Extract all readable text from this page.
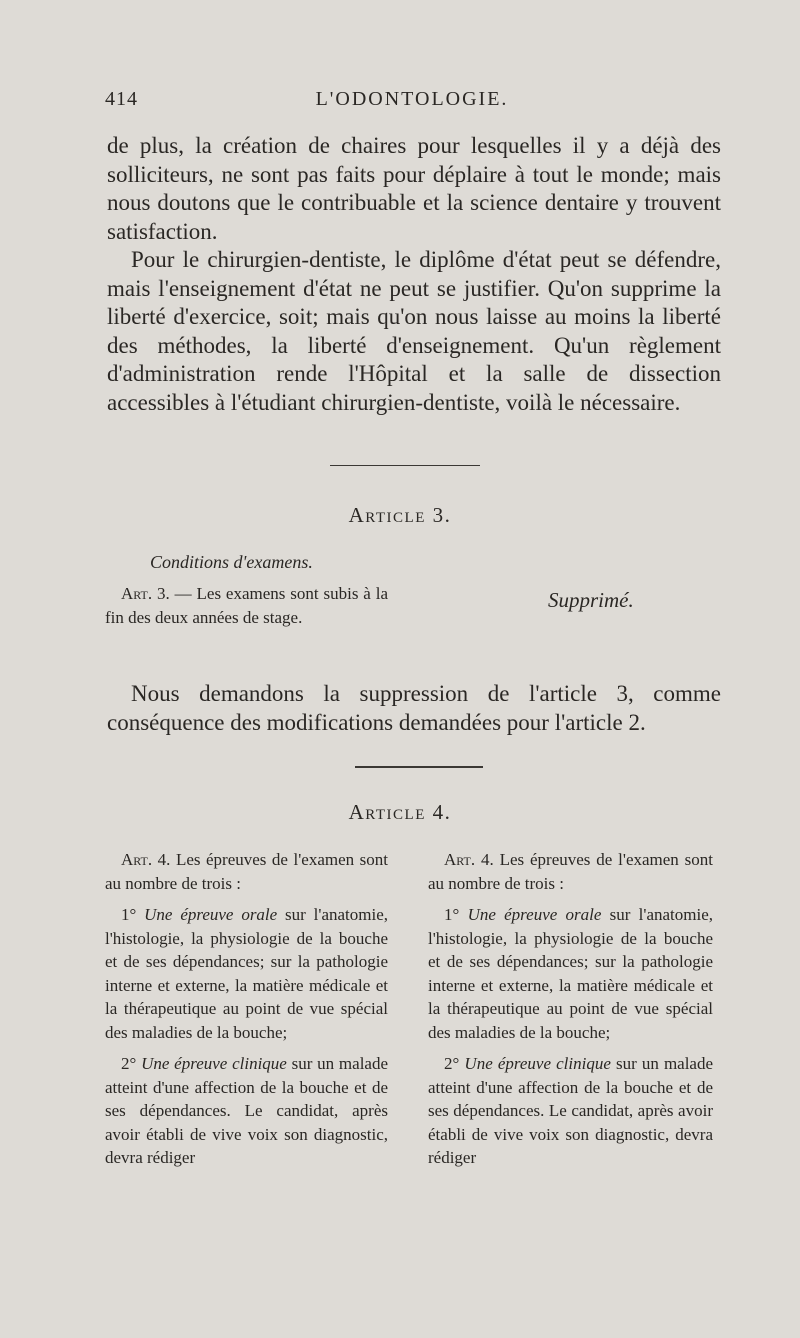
414	L'ODONTOLOGIE.

de plus, la création de chaires pour lesquelles il y a déjà des solliciteurs, ne sont pas faits pour déplaire à tout le monde; mais nous doutons que le contribuable et la science dentaire y trouvent satisfaction.

Pour le chirurgien-dentiste, le diplôme d'état peut se défendre, mais l'enseignement d'état ne peut se justifier. Qu'on supprime la liberté d'exercice, soit; mais qu'on nous laisse au moins la liberté des méthodes, la liberté d'enseignement. Qu'un règlement d'administration rende l'Hôpital et la salle de dissection accessibles à l'étudiant chirurgien-dentiste, voilà le nécessaire.

Article 3.
Conditions d'examens.

Art. 3. — Les examens sont subis à la fin des deux années de stage.

Supprimé.
Nous demandons la suppression de l'article 3, comme conséquence des modifications demandées pour l'article 2.
Article 4.

Art. 4. Les épreuves de l'examen sont au nombre de trois :

1° Une épreuve orale sur l'anatomie, l'histologie, la physiologie de la bouche et de ses dépendances; sur la pathologie interne et externe, la matière médicale et la thérapeutique au point de vue spécial des maladies de la bouche;

2° Une épreuve clinique sur un malade atteint d'une affection de la bouche et de ses dépendances. Le candidat, après avoir établi de vive voix son diagnostic, devra rédiger

Art. 4. Les épreuves de l'examen sont au nombre de trois :

1° Une épreuve orale sur l'anatomie, l'histologie, la physiologie de la bouche et de ses dépendances; sur la pathologie interne et externe, la matière médicale et la thérapeutique au point de vue spécial des maladies de la bouche;

2° Une épreuve clinique sur un malade atteint d'une affection de la bouche et de ses dépendances. Le candidat, après avoir établi de vive voix son diagnostic, devra rédiger
